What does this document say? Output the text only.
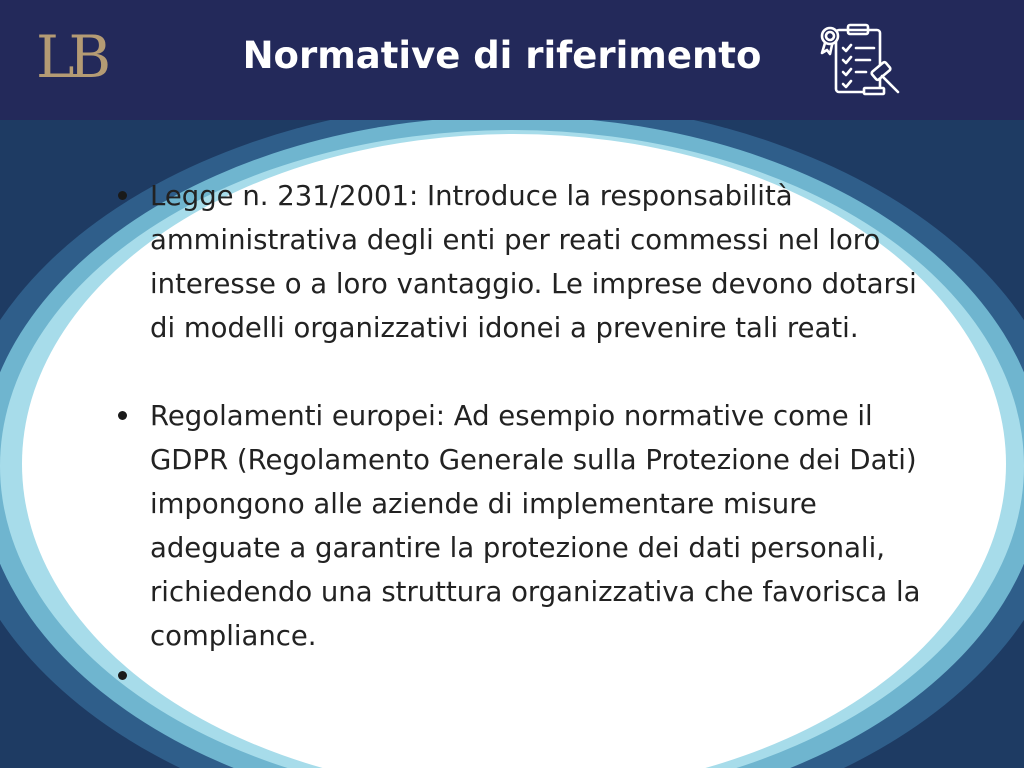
LB	Normative di riferimento
Legge n. 231/2001: Introduce la responsabilità amministrativa degli enti per reati commessi nel loro interesse o a loro vantaggio. Le imprese devono dotarsi di modelli organizzativi idonei a prevenire tali reati.
Regolamenti europei: Ad esempio normative come il GDPR (Regolamento Generale sulla Protezione dei Dati) impongono alle aziende di implementare misure adeguate a garantire la protezione dei dati personali, richiedendo una struttura organizzativa che favorisca la compliance.
